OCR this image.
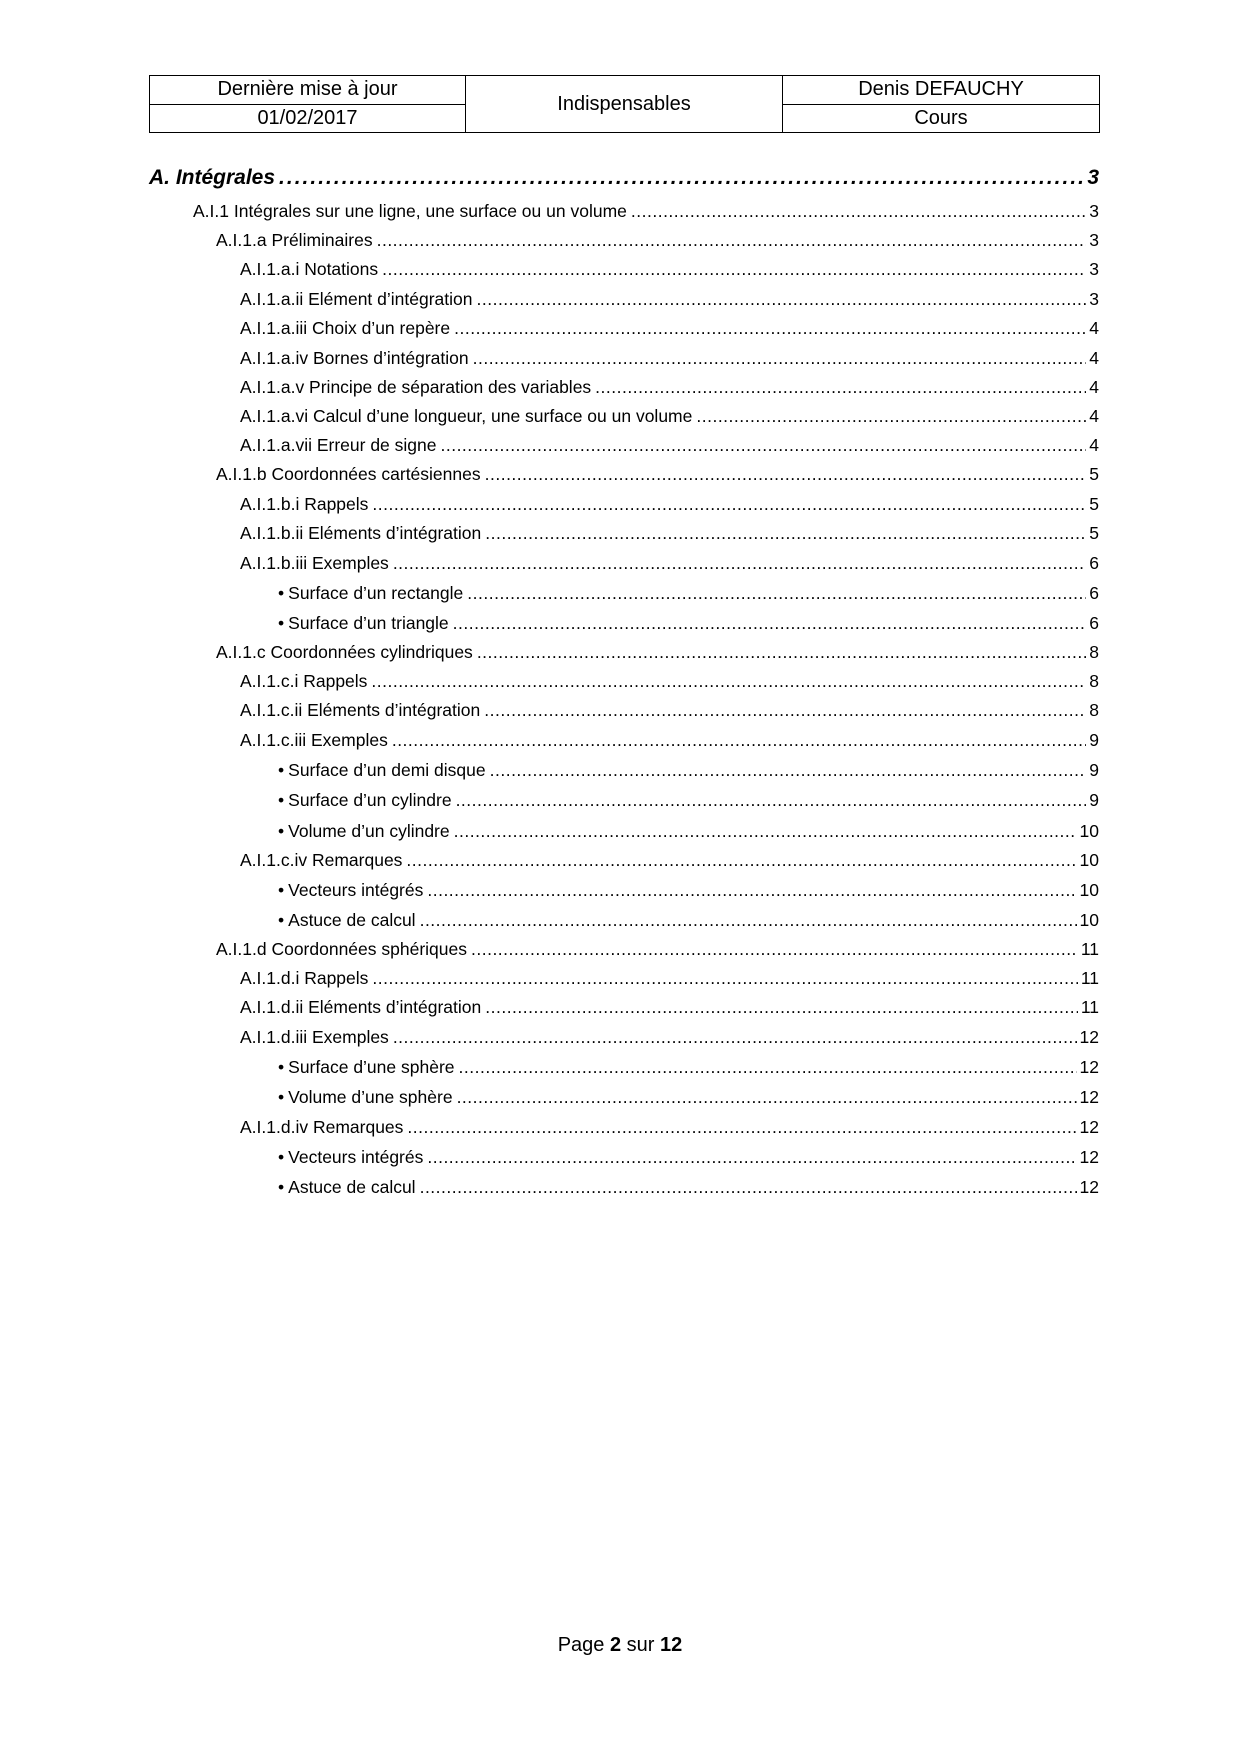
Dernière mise à jour	Indispensables	Denis DEFAUCHY
01/02/2017		Cours
A. Intégrales .....	3
A.I.1 Intégrales sur une ligne, une surface ou un volume .....	3
A.I.1.a Préliminaires .....	3
A.I.1.a.i Notations .....	3
A.I.1.a.ii Elément d’intégration .....	3
A.I.1.a.iii Choix d’un repère .....	4
A.I.1.a.iv Bornes d’intégration .....	4
A.I.1.a.v Principe de séparation des variables .....	4
A.I.1.a.vi Calcul d’une longueur, une surface ou un volume .....	4
A.I.1.a.vii Erreur de signe .....	4
A.I.1.b Coordonnées cartésiennes .....	5
A.I.1.b.i Rappels .....	5
A.I.1.b.ii Eléments d’intégration .....	5
A.I.1.b.iii Exemples .....	6
• Surface d’un rectangle .....	6
• Surface d’un triangle .....	6
A.I.1.c Coordonnées cylindriques .....	8
A.I.1.c.i Rappels .....	8
A.I.1.c.ii Eléments d’intégration .....	8
A.I.1.c.iii Exemples .....	9
• Surface d’un demi disque .....	9
• Surface d’un cylindre .....	9
• Volume d’un cylindre .....	10
A.I.1.c.iv Remarques .....	10
• Vecteurs intégrés .....	10
• Astuce de calcul .....	10
A.I.1.d Coordonnées sphériques .....	11
A.I.1.d.i Rappels .....	11
A.I.1.d.ii Eléments d’intégration .....	11
A.I.1.d.iii Exemples .....	12
• Surface d’une sphère .....	12
• Volume d’une sphère .....	12
A.I.1.d.iv Remarques .....	12
• Vecteurs intégrés .....	12
• Astuce de calcul .....	12
Page 2 sur 12
